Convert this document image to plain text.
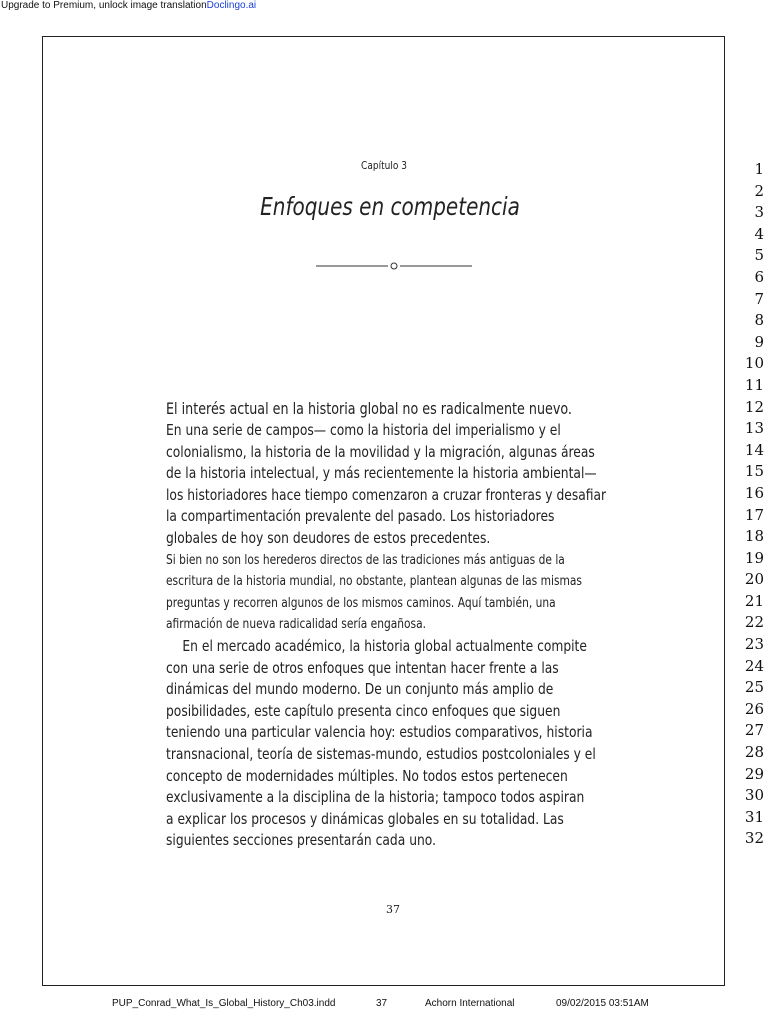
Upgrade to Premium, unlock image translationDoclingo.ai
Capítulo 3
Enfoques en competencia
El interés actual en la historia global no es radicalmente nuevo.
En una serie de campos— como la historia del imperialismo y el
colonialismo, la historia de la movilidad y la migración, algunas áreas
de la historia intelectual, y más recientemente la historia ambiental—
los historiadores hace tiempo comenzaron a cruzar fronteras y desafiar
la compartimentación prevalente del pasado. Los historiadores
globales de hoy son deudores de estos precedentes.
Si bien no son los herederos directos de las tradiciones más antiguas de la
escritura de la historia mundial, no obstante, plantean algunas de las mismas
preguntas y recorren algunos de los mismos caminos. Aquí también, una
afirmación de nueva radicalidad sería engañosa.
En el mercado académico, la historia global actualmente compite
con una serie de otros enfoques que intentan hacer frente a las
dinámicas del mundo moderno. De un conjunto más amplio de
posibilidades, este capítulo presenta cinco enfoques que siguen
teniendo una particular valencia hoy: estudios comparativos, historia
transnacional, teoría de sistemas-mundo, estudios postcoloniales y el
concepto de modernidades múltiples. No todos estos pertenecen
exclusivamente a la disciplina de la historia; tampoco todos aspiran
a explicar los procesos y dinámicas globales en su totalidad. Las
siguientes secciones presentarán cada uno.
37
1
2
3
4
5
6
7
8
9
10
11
12
13
14
15
16
17
18
19
20
21
22
23
24
25
26
27
28
29
30
31
32
PUP_Conrad_What_Is_Global_History_Ch03.indd	37	Achorn International	09/02/2015 03:51AM
